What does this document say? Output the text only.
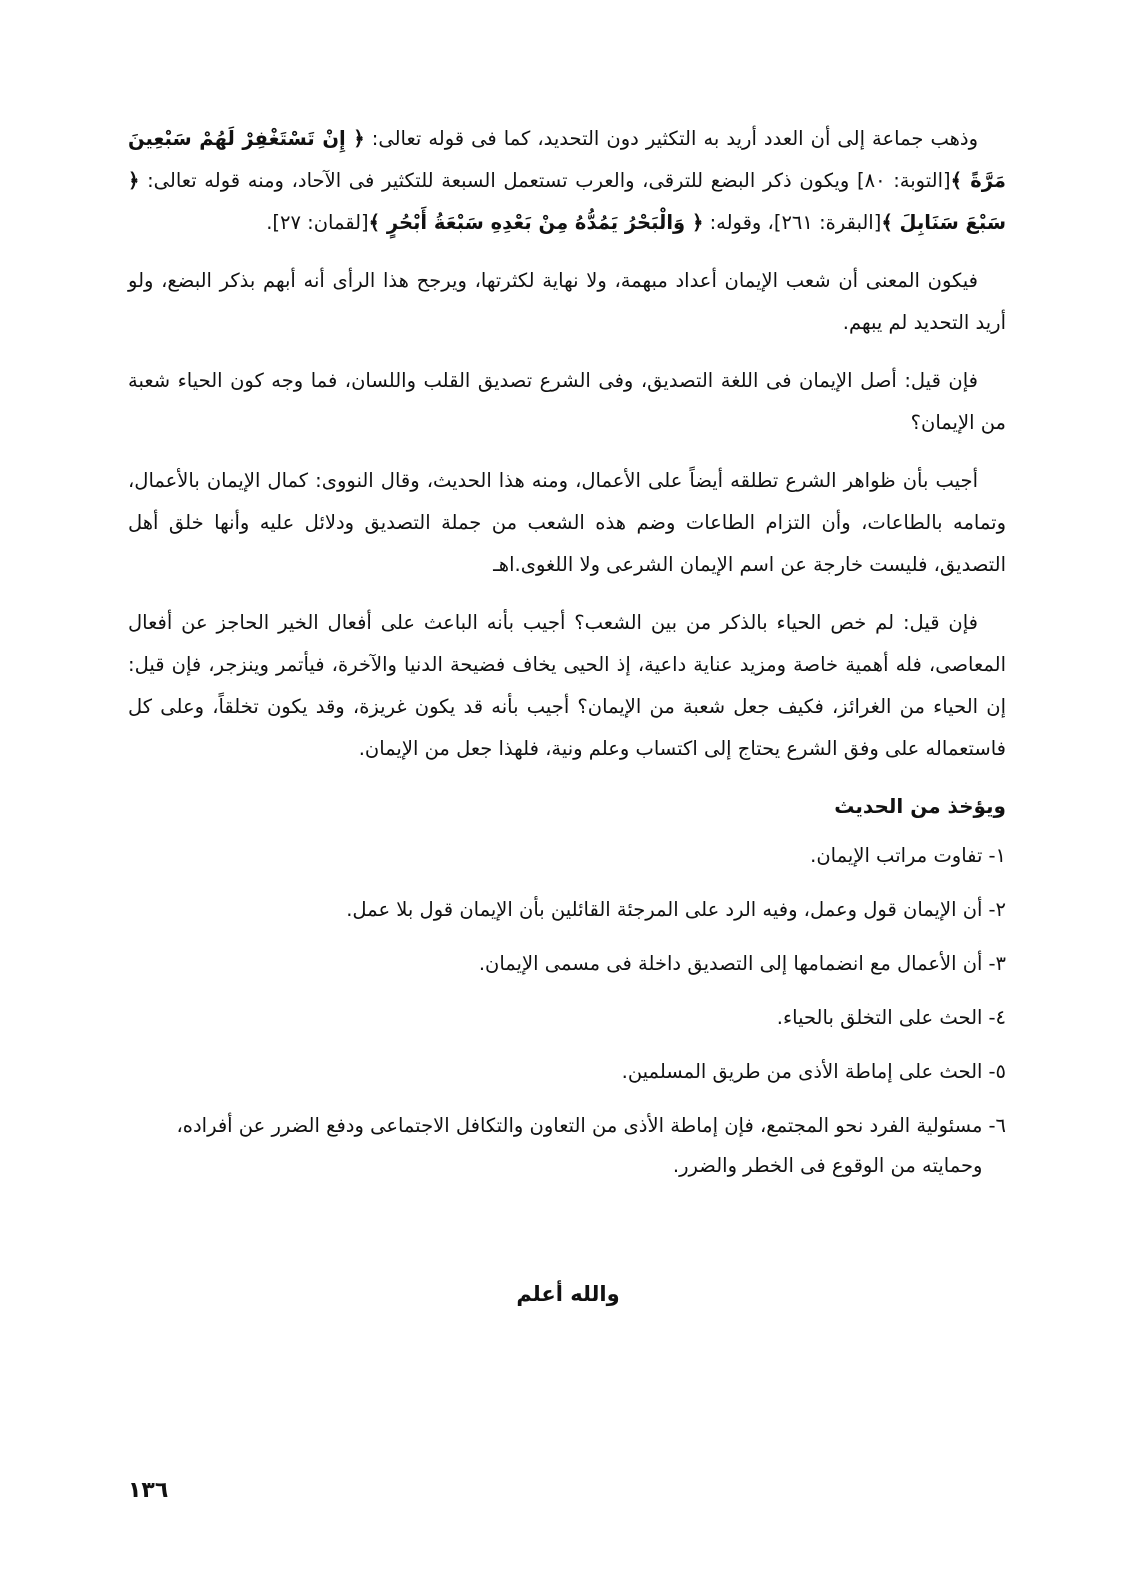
وذهب جماعة إلى أن العدد أريد به التكثير دون التحديد، كما فى قوله تعالى: ﴿ إِنْ تَسْتَغْفِرْ لَهُمْ سَبْعِينَ مَرَّةً ﴾[التوبة: ٨٠] ويكون ذكر البضع للترقى، والعرب تستعمل السبعة للتكثير فى الآحاد، ومنه قوله تعالى: ﴿ سَبْعَ سَنَابِلَ ﴾[البقرة: ٢٦١]، وقوله: ﴿ وَالْبَحْرُ يَمُدُّهُ مِنْ بَعْدِهِ سَبْعَةُ أَبْحُرٍ ﴾[لقمان: ٢٧].

فيكون المعنى أن شعب الإيمان أعداد مبهمة، ولا نهاية لكثرتها، ويرجح هذا الرأى أنه أبهم بذكر البضع، ولو أريد التحديد لم يبهم.

فإن قيل: أصل الإيمان فى اللغة التصديق، وفى الشرع تصديق القلب واللسان، فما وجه كون الحياء شعبة من الإيمان؟

أجيب بأن ظواهر الشرع تطلقه أيضاً على الأعمال، ومنه هذا الحديث، وقال النووى: كمال الإيمان بالأعمال، وتمامه بالطاعات، وأن التزام الطاعات وضم هذه الشعب من جملة التصديق ودلائل عليه وأنها خلق أهل التصديق، فليست خارجة عن اسم الإيمان الشرعى ولا اللغوى.اهـ

فإن قيل: لم خص الحياء بالذكر من بين الشعب؟ أجيب بأنه الباعث على أفعال الخير الحاجز عن أفعال المعاصى، فله أهمية خاصة ومزيد عناية داعية، إذ الحيى يخاف فضيحة الدنيا والآخرة، فيأتمر وينزجر، فإن قيل: إن الحياء من الغرائز، فكيف جعل شعبة من الإيمان؟ أجيب بأنه قد يكون غريزة، وقد يكون تخلقاً، وعلى كل فاستعماله على وفق الشرع يحتاج إلى اكتساب وعلم ونية، فلهذا جعل من الإيمان.

ويؤخذ من الحديث
١-
تفاوت مراتب الإيمان.
٢-
أن الإيمان قول وعمل، وفيه الرد على المرجئة القائلين بأن الإيمان قول بلا عمل.
٣-
أن الأعمال مع انضمامها إلى التصديق داخلة فى مسمى الإيمان.
٤-
الحث على التخلق بالحياء.
٥-
الحث على إماطة الأذى من طريق المسلمين.
٦-
مسئولية الفرد نحو المجتمع، فإن إماطة الأذى من التعاون والتكافل الاجتماعى ودفع الضرر عن أفراده، وحمايته من الوقوع فى الخطر والضرر.
والله أعلم
١٣٦
